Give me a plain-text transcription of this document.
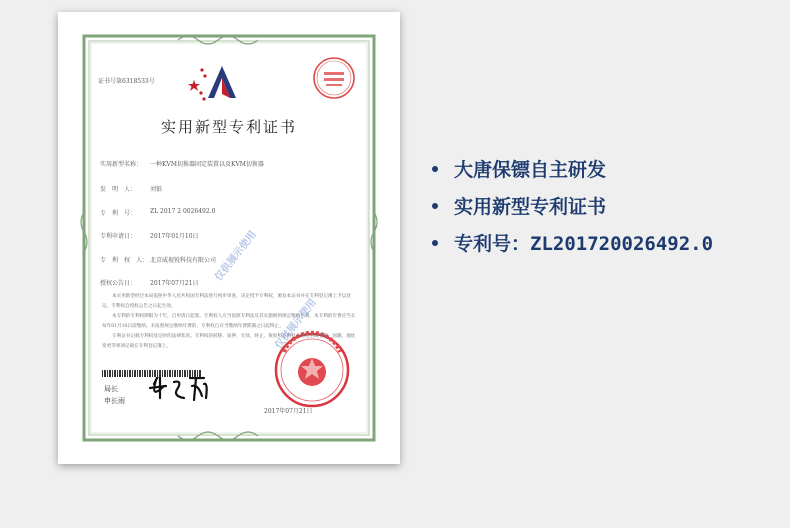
证书号第6318533号

实用新型专利证书

实用新型名称： 一种KVM切换器固定装置以及KVM切换器

发　明　人： 刘银

专　利　号： ZL 2017 2 0026492.0

专利申请日： 2017年01月10日

专　利　权　人： 北京威视锐科技有限公司

授权公告日： 2017年07月21日

本实用新型经过本局依照中华人民共和国专利法进行初步审查，决定授予专利权，颁发本证书并在专利登记簿上予以登记。专利权自授权公告之日起生效。

本专利的专利权期限为十年，自申请日起算。专利权人应当依照专利法及其实施细则规定缴纳年费。本专利的年费应当在每年01月10日前缴纳。未按照规定缴纳年费的，专利权自应当缴纳年费期满之日起终止。

专利证书记载专利权登记时的法律状况。专利权的转移、质押、无效、终止、恢复和专利权人的姓名或名称、国籍、地址变更等事项记载在专利登记簿上。

局长

申长雨

2017年07月21日

仅供展示使用
仅供展示使用
大唐保镖自主研发
实用新型专利证书
专利号：ZL201720026492.0
